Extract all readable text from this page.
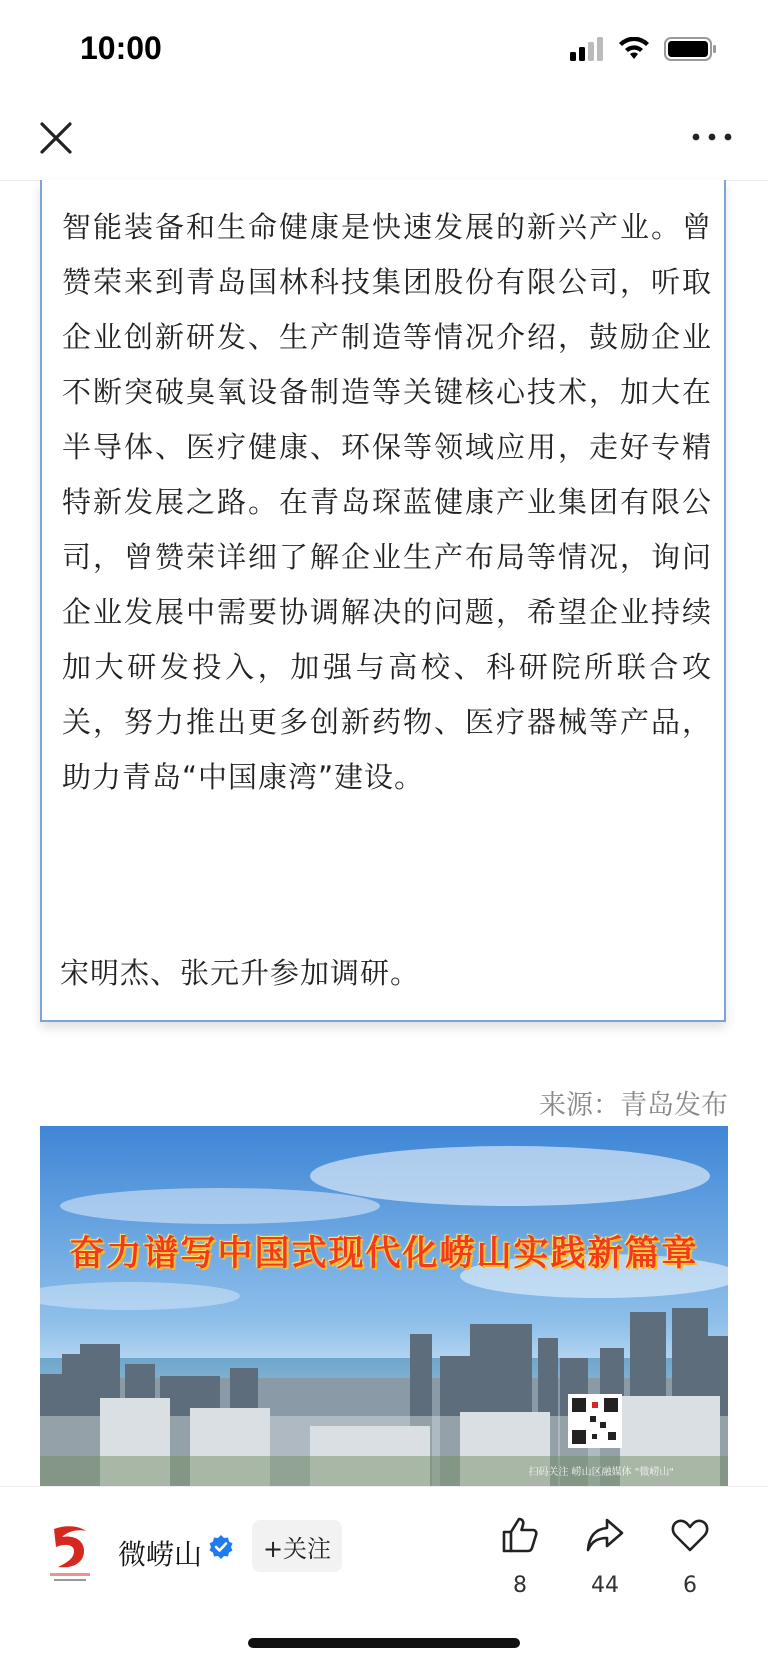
10:00
智能装备和生命健康是快速发展的新兴产业。曾赞荣来到青岛国林科技集团股份有限公司，听取企业创新研发、生产制造等情况介绍，鼓励企业不断突破臭氧设备制造等关键核心技术，加大在半导体、医疗健康、环保等领域应用，走好专精特新发展之路。在青岛琛蓝健康产业集团有限公司，曾赞荣详细了解企业生产布局等情况，询问企业发展中需要协调解决的问题，希望企业持续加大研发投入，加强与高校、科研院所联合攻关，努力推出更多创新药物、医疗器械等产品，助力青岛“中国康湾”建设。
宋明杰、张元升参加调研。
来源：青岛发布
奋力谱写中国式现代化崂山实践新篇章
扫码关注 崂山区融媒体 "微崂山"
微崂山	+关注
8	44	6
